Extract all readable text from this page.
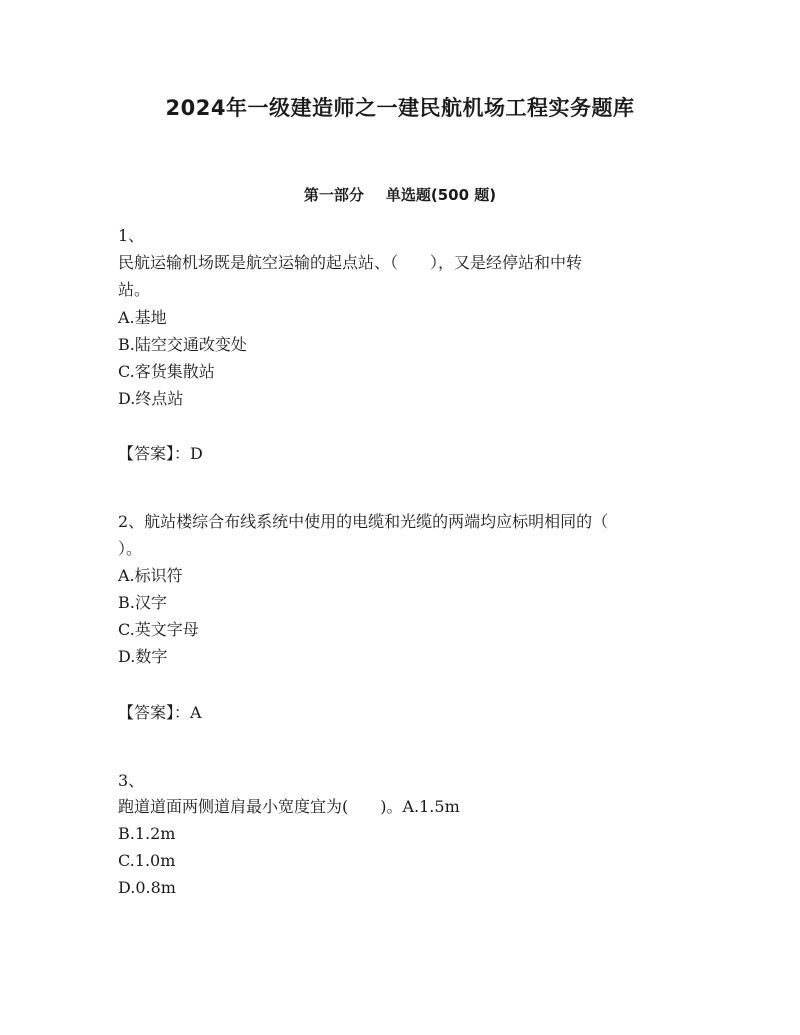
2024年一级建造师之一建民航机场工程实务题库
第一部分 单选题(500 题)
1、
民航运输机场既是航空运输的起点站、（　　），又是经停站和中转
站。
A.基地
B.陆空交通改变处
C.客货集散站
D.终点站
【答案】：D
2、航站楼综合布线系统中使用的电缆和光缆的两端均应标明相同的（
）。
A.标识符
B.汉字
C.英文字母
D.数字
【答案】：A
3、
跑道道面两侧道肩最小宽度宜为(　　)。A.1.5m
B.1.2m
C.1.0m
D.0.8m
